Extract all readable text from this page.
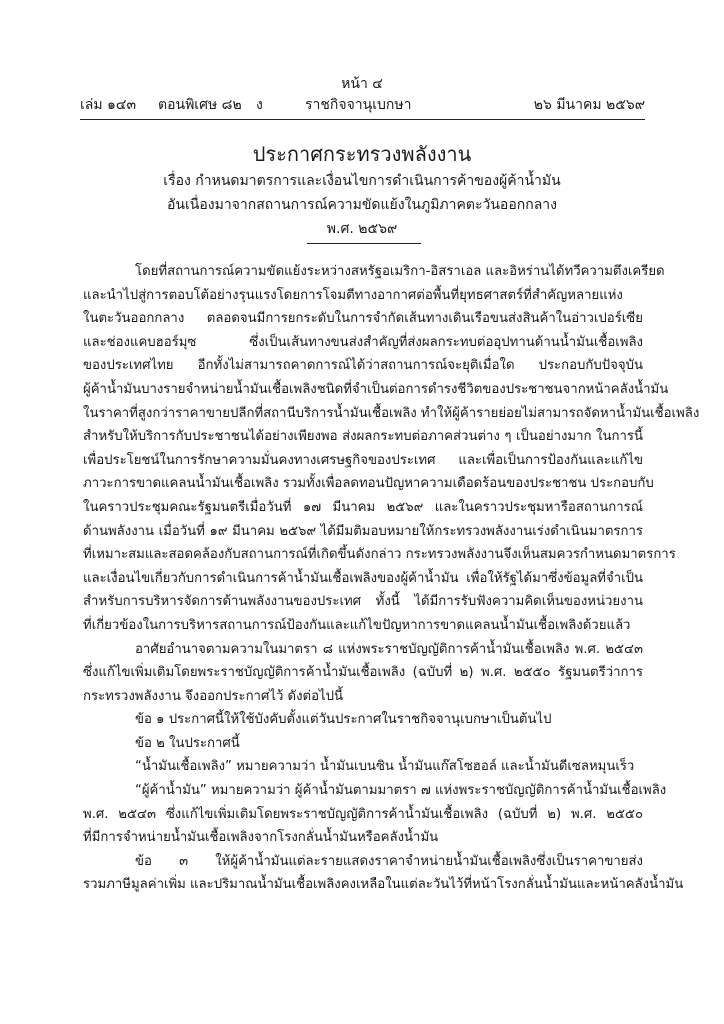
หน้า ๔
เล่ม ๑๔๓ ตอนพิเศษ ๘๒ ง	ราชกิจจานุเบกษา	๒๖ มีนาคม ๒๕๖๙
ประกาศกระทรวงพลังงาน
เรื่อง กำหนดมาตรการและเงื่อนไขการดำเนินการค้าของผู้ค้าน้ำมัน
อันเนื่องมาจากสถานการณ์ความขัดแย้งในภูมิภาคตะวันออกกลาง
พ.ศ. ๒๕๖๙
โดยที่สถานการณ์ความขัดแย้งระหว่างสหรัฐอเมริกา-อิสราเอล และอิหร่านได้ทวีความตึงเครียด
และนำไปสู่การตอบโต้อย่างรุนแรงโดยการโจมตีทางอากาศต่อพื้นที่ยุทธศาสตร์ที่สำคัญหลายแห่ง
ในตะวันออกกลาง ตลอดจนมีการยกระดับในการจำกัดเส้นทางเดินเรือขนส่งสินค้าในอ่าวเปอร์เซีย
และช่องแคบฮอร์มุซ ซึ่งเป็นเส้นทางขนส่งสำคัญที่ส่งผลกระทบต่ออุปทานด้านน้ำมันเชื้อเพลิง
ของประเทศไทย อีกทั้งไม่สามารถคาดการณ์ได้ว่าสถานการณ์จะยุติเมื่อใด ประกอบกับปัจจุบัน
ผู้ค้าน้ำมันบางรายจำหน่ายน้ำมันเชื้อเพลิงชนิดที่จำเป็นต่อการดำรงชีวิตของประชาชนจากหน้าคลังน้ำมัน
ในราคาที่สูงกว่าราคาขายปลีกที่สถานีบริการน้ำมันเชื้อเพลิง ทำให้ผู้ค้ารายย่อยไม่สามารถจัดหาน้ำมันเชื้อเพลิง
สำหรับให้บริการกับประชาชนได้อย่างเพียงพอ ส่งผลกระทบต่อภาคส่วนต่าง ๆ เป็นอย่างมาก ในการนี้
เพื่อประโยชน์ในการรักษาความมั่นคงทางเศรษฐกิจของประเทศ และเพื่อเป็นการป้องกันและแก้ไข
ภาวะการขาดแคลนน้ำมันเชื้อเพลิง รวมทั้งเพื่อลดทอนปัญหาความเดือดร้อนของประชาชน ประกอบกับ
ในคราวประชุมคณะรัฐมนตรีเมื่อวันที่ ๑๗ มีนาคม ๒๕๖๙ และในคราวประชุมหารือสถานการณ์
ด้านพลังงาน เมื่อวันที่ ๑๙ มีนาคม ๒๕๖๙ ได้มีมติมอบหมายให้กระทรวงพลังงานเร่งดำเนินมาตรการ
ที่เหมาะสมและสอดคล้องกับสถานการณ์ที่เกิดขึ้นดังกล่าว กระทรวงพลังงานจึงเห็นสมควรกำหนดมาตรการ
และเงื่อนไขเกี่ยวกับการดำเนินการค้าน้ำมันเชื้อเพลิงของผู้ค้าน้ำมัน เพื่อให้รัฐได้มาซึ่งข้อมูลที่จำเป็น
สำหรับการบริหารจัดการด้านพลังงานของประเทศ ทั้งนี้ ได้มีการรับฟังความคิดเห็นของหน่วยงาน
ที่เกี่ยวข้องในการบริหารสถานการณ์ป้องกันและแก้ไขปัญหาการขาดแคลนน้ำมันเชื้อเพลิงด้วยแล้ว
อาศัยอำนาจตามความในมาตรา ๘ แห่งพระราชบัญญัติการค้าน้ำมันเชื้อเพลิง พ.ศ. ๒๕๔๓
ซึ่งแก้ไขเพิ่มเติมโดยพระราชบัญญัติการค้าน้ำมันเชื้อเพลิง (ฉบับที่ ๒) พ.ศ. ๒๕๕๐ รัฐมนตรีว่าการ
กระทรวงพลังงาน จึงออกประกาศไว้ ดังต่อไปนี้
ข้อ ๑ ประกาศนี้ให้ใช้บังคับตั้งแต่วันประกาศในราชกิจจานุเบกษาเป็นต้นไป
ข้อ ๒ ในประกาศนี้
“น้ำมันเชื้อเพลิง” หมายความว่า น้ำมันเบนซิน น้ำมันแก๊สโซฮอล์ และน้ำมันดีเซลหมุนเร็ว
“ผู้ค้าน้ำมัน” หมายความว่า ผู้ค้าน้ำมันตามมาตรา ๗ แห่งพระราชบัญญัติการค้าน้ำมันเชื้อเพลิง
พ.ศ. ๒๕๔๓ ซึ่งแก้ไขเพิ่มเติมโดยพระราชบัญญัติการค้าน้ำมันเชื้อเพลิง (ฉบับที่ ๒) พ.ศ. ๒๕๕๐
ที่มีการจำหน่ายน้ำมันเชื้อเพลิงจากโรงกลั่นน้ำมันหรือคลังน้ำมัน
ข้อ ๓ ให้ผู้ค้าน้ำมันแต่ละรายแสดงราคาจำหน่ายน้ำมันเชื้อเพลิงซึ่งเป็นราคาขายส่ง
รวมภาษีมูลค่าเพิ่ม และปริมาณน้ำมันเชื้อเพลิงคงเหลือในแต่ละวันไว้ที่หน้าโรงกลั่นน้ำมันและหน้าคลังน้ำมัน
